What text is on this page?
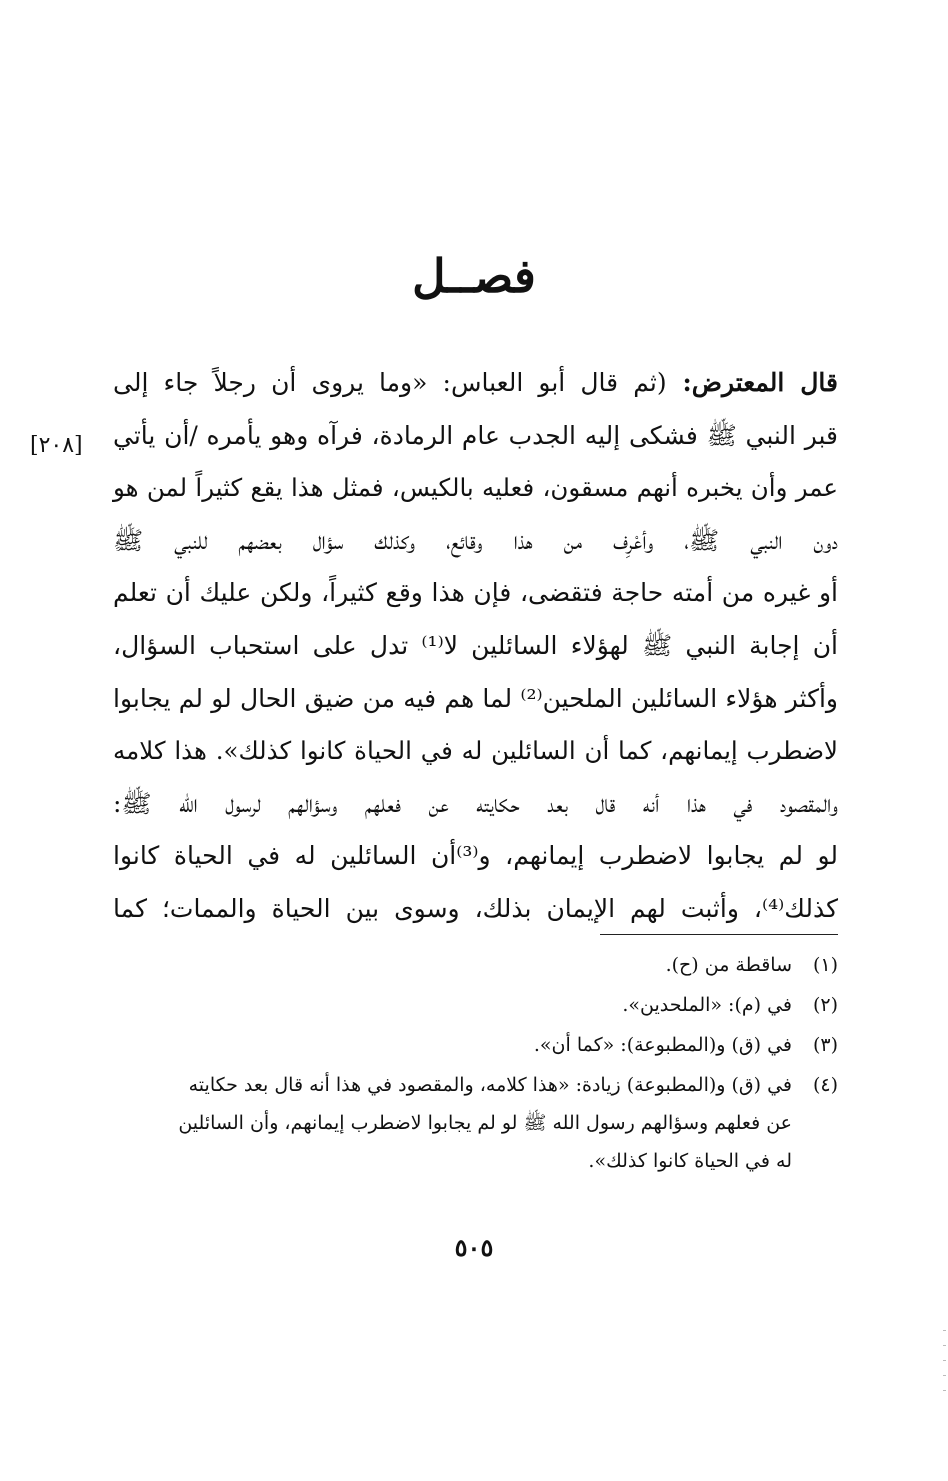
فصــل
[٢٠٨]
قال المعترض: (ثم قال أبو العباس: «وما يروى أن رجلاً جاء إلى
قبر النبي ﷺ فشكى إليه الجدب عام الرمادة، فرآه وهو يأمره /أن يأتي
عمر وأن يخبره أنهم مسقون، فعليه بالكيس، فمثل هذا يقع كثيراً لمن هو
دون النبي ﷺ، وأعْرِف من هذا وقائع، وكذلك سؤال بعضهم للنبي ﷺ
أو غيره من أمته حاجة فتقضى، فإن هذا وقع كثيراً، ولكن عليك أن تعلم
أن إجابة النبي ﷺ لهؤلاء السائلين لا⁽¹⁾ تدل على استحباب السؤال،
وأكثر هؤلاء السائلين الملحين⁽²⁾ لما هم فيه من ضيق الحال لو لم يجابوا
لاضطرب إيمانهم، كما أن السائلين له في الحياة كانوا كذلك». هذا كلامه
والمقصود في هذا أنه قال بعد حكايته عن فعلهم وسؤالهم لرسول الله ﷺ:
لو لم يجابوا لاضطرب إيمانهم، و⁽³⁾أن السائلين له في الحياة كانوا
كذلك⁽⁴⁾، وأثبت لهم الإيمان بذلك، وسوى بين الحياة والممات؛ كما
(١)
ساقطة من (ح).
(٢)
في (م): «الملحدين».
(٣)
في (ق) و(المطبوعة): «كما أن».
(٤)
في (ق) و(المطبوعة) زيادة: «هذا كلامه، والمقصود في هذا أنه قال بعد حكايته
عن فعلهم وسؤالهم رسول الله ﷺ لو لم يجابوا لاضطرب إيمانهم، وأن السائلين
له في الحياة كانوا كذلك».
٥٠٥
